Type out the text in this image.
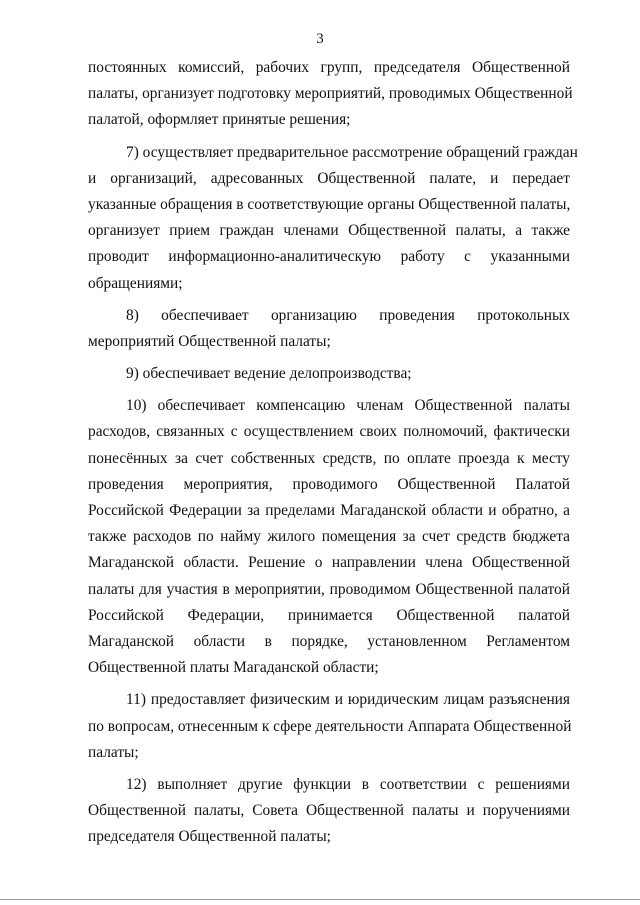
3
постоянных комиссий, рабочих групп, председателя Общественной
палаты, организует подготовку мероприятий, проводимых Общественной
палатой, оформляет принятые решения;
7) осуществляет предварительное рассмотрение обращений граждан
и организаций, адресованных Общественной палате, и передает
указанные обращения в соответствующие органы Общественной палаты,
организует прием граждан членами Общественной палаты, а также
проводит информационно-аналитическую работу с указанными
обращениями;
8) обеспечивает организацию проведения протокольных
мероприятий Общественной палаты;
9) обеспечивает ведение делопроизводства;
10) обеспечивает компенсацию членам Общественной палаты
расходов, связанных с осуществлением своих полномочий, фактически
понесённых за счет собственных средств, по оплате проезда к месту
проведения мероприятия, проводимого Общественной Палатой
Российской Федерации за пределами Магаданской области и обратно, а
также расходов по найму жилого помещения за счет средств бюджета
Магаданской области. Решение о направлении члена Общественной
палаты для участия в мероприятии, проводимом Общественной палатой
Российской Федерации, принимается Общественной палатой
Магаданской области в порядке, установленном Регламентом
Общественной платы Магаданской области;
11) предоставляет физическим и юридическим лицам разъяснения
по вопросам, отнесенным к сфере деятельности Аппарата Общественной
палаты;
12) выполняет другие функции в соответствии с решениями
Общественной палаты, Совета Общественной палаты и поручениями
председателя Общественной палаты;
